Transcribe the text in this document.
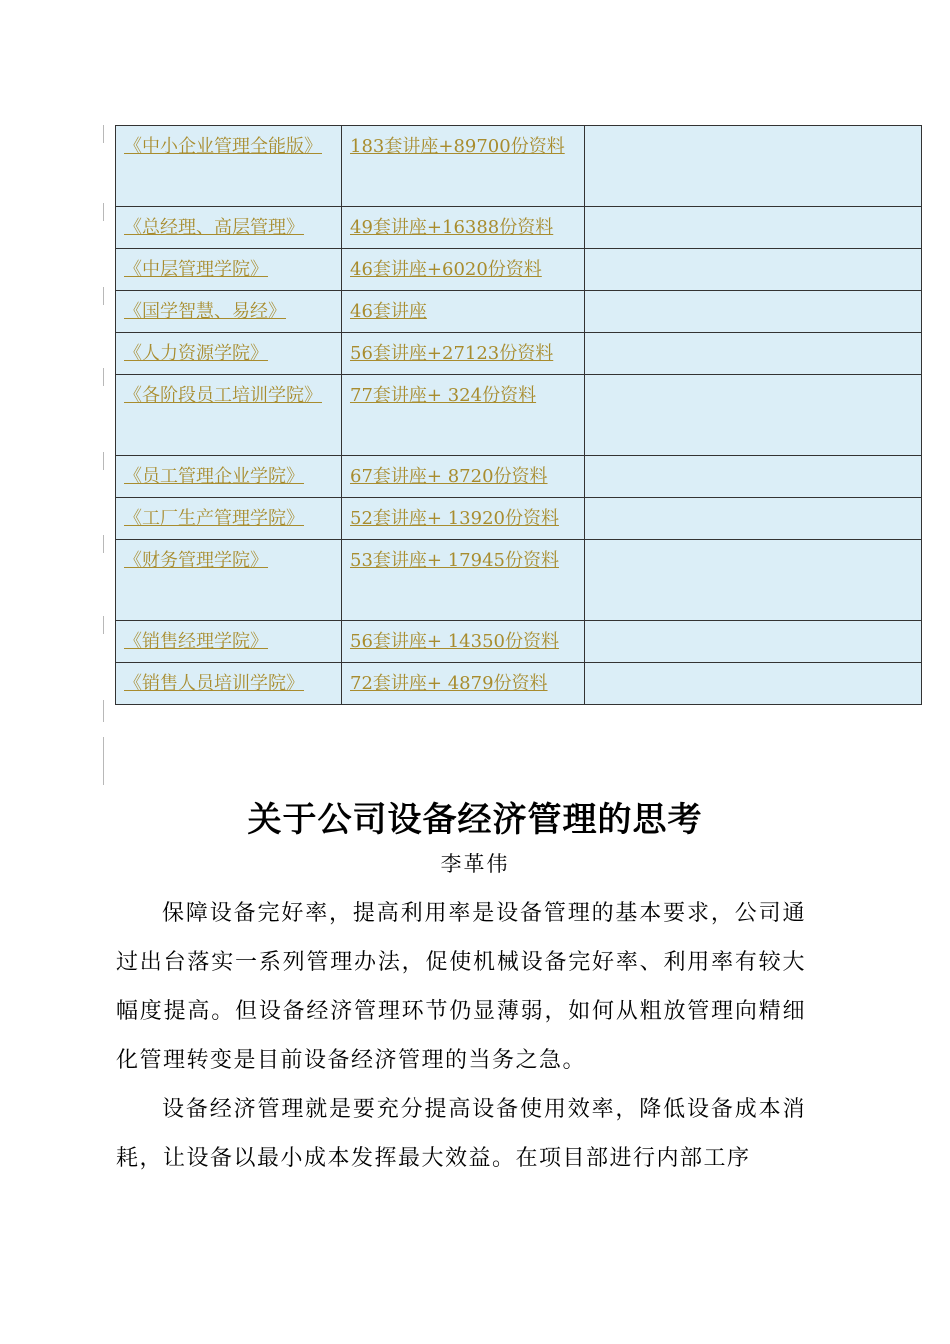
《中小企业管理全能版》	183套讲座+89700份资料	
《总经理、高层管理》	49套讲座+16388份资料	
《中层管理学院》	46套讲座+6020份资料	
《国学智慧、易经》	46套讲座	
《人力资源学院》	56套讲座+27123份资料	
《各阶段员工培训学院》	77套讲座+ 324份资料	
《员工管理企业学院》	67套讲座+ 8720份资料	
《工厂生产管理学院》	52套讲座+ 13920份资料	
《财务管理学院》	53套讲座+ 17945份资料	
《销售经理学院》	56套讲座+ 14350份资料	
《销售人员培训学院》	72套讲座+ 4879份资料	
关于公司设备经济管理的思考
李革伟

保障设备完好率，提高利用率是设备管理的基本要求，公司通过出台落实一系列管理办法，促使机械设备完好率、利用率有较大幅度提高。但设备经济管理环节仍显薄弱，如何从粗放管理向精细化管理转变是目前设备经济管理的当务之急。

设备经济管理就是要充分提高设备使用效率，降低设备成本消耗，让设备以最小成本发挥最大效益。在项目部进行内部工序
